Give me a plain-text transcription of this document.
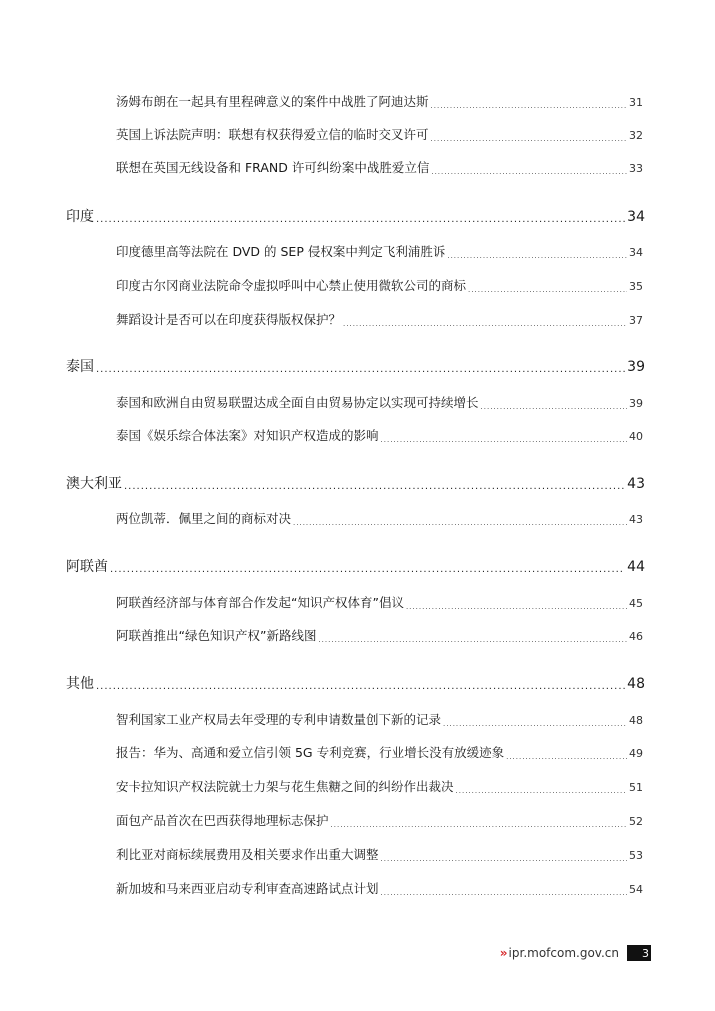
汤姆布朗在一起具有里程碑意义的案件中战胜了阿迪达斯 .....	31
英国上诉法院声明：联想有权获得爱立信的临时交叉许可 .....	32
联想在英国无线设备和 FRAND 许可纠纷案中战胜爱立信 .....	33
印度 .....	34
印度德里高等法院在 DVD 的 SEP 侵权案中判定飞利浦胜诉 .....	34
印度古尔冈商业法院命令虚拟呼叫中心禁止使用微软公司的商标 .....	35
舞蹈设计是否可以在印度获得版权保护？ .....	37
泰国 .....	39
泰国和欧洲自由贸易联盟达成全面自由贸易协定以实现可持续增长 .....	39
泰国《娱乐综合体法案》对知识产权造成的影响 .....	40
澳大利亚 .....	43
两位凯蒂．佩里之间的商标对决 .....	43
阿联酋 .....	44
阿联酋经济部与体育部合作发起“知识产权体育”倡议 .....	45
阿联酋推出“绿色知识产权”新路线图 .....	46
其他 .....	48
智利国家工业产权局去年受理的专利申请数量创下新的记录 .....	48
报告：华为、高通和爱立信引领 5G 专利竞赛，行业增长没有放缓迹象 .....	49
安卡拉知识产权法院就士力架与花生焦糖之间的纠纷作出裁决 .....	51
面包产品首次在巴西获得地理标志保护 .....	52
利比亚对商标续展费用及相关要求作出重大调整 .....	53
新加坡和马来西亚启动专利审查高速路试点计划 .....	54
» ipr.mofcom.gov.cn 3
